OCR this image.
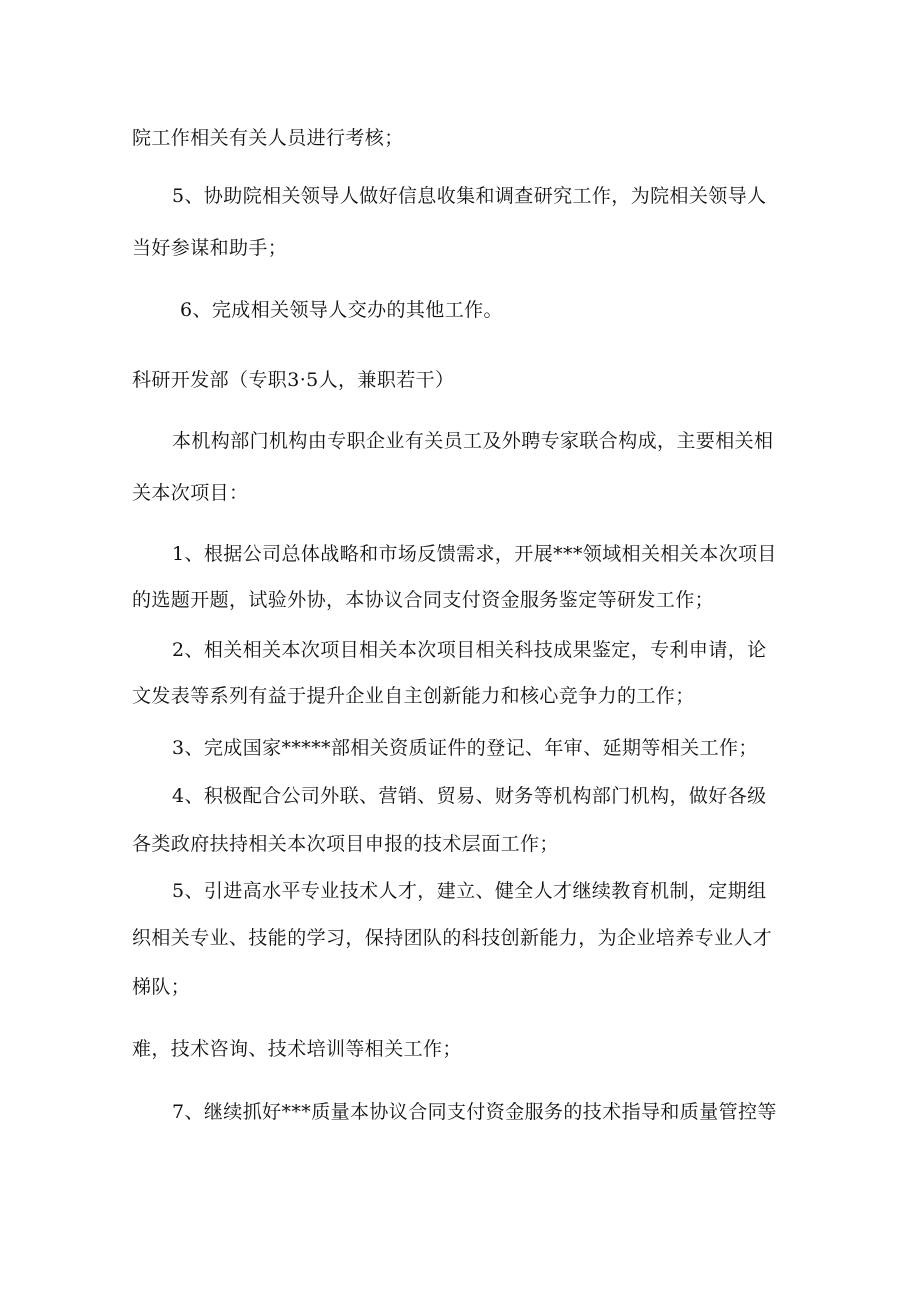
院工作相关有关人员进行考核；
5、协助院相关领导人做好信息收集和调查研究工作，为院相关领导人
当好参谋和助手；
6、完成相关领导人交办的其他工作。
科研开发部（专职3·5人，兼职若干）
本机构部门机构由专职企业有关员工及外聘专家联合构成，主要相关相
关本次项目：
1、根据公司总体战略和市场反馈需求，开展***领域相关相关本次项目
的选题开题，试验外协，本协议合同支付资金服务鉴定等研发工作；
2、相关相关本次项目相关本次项目相关科技成果鉴定，专利申请，论
文发表等系列有益于提升企业自主创新能力和核心竞争力的工作；
3、完成国家*****部相关资质证件的登记、年审、延期等相关工作；
4、积极配合公司外联、营销、贸易、财务等机构部门机构，做好各级
各类政府扶持相关本次项目申报的技术层面工作；
5、引进高水平专业技术人才，建立、健全人才继续教育机制，定期组
织相关专业、技能的学习，保持团队的科技创新能力，为企业培养专业人才
梯队；
难，技术咨询、技术培训等相关工作；
7、继续抓好***质量本协议合同支付资金服务的技术指导和质量管控等
